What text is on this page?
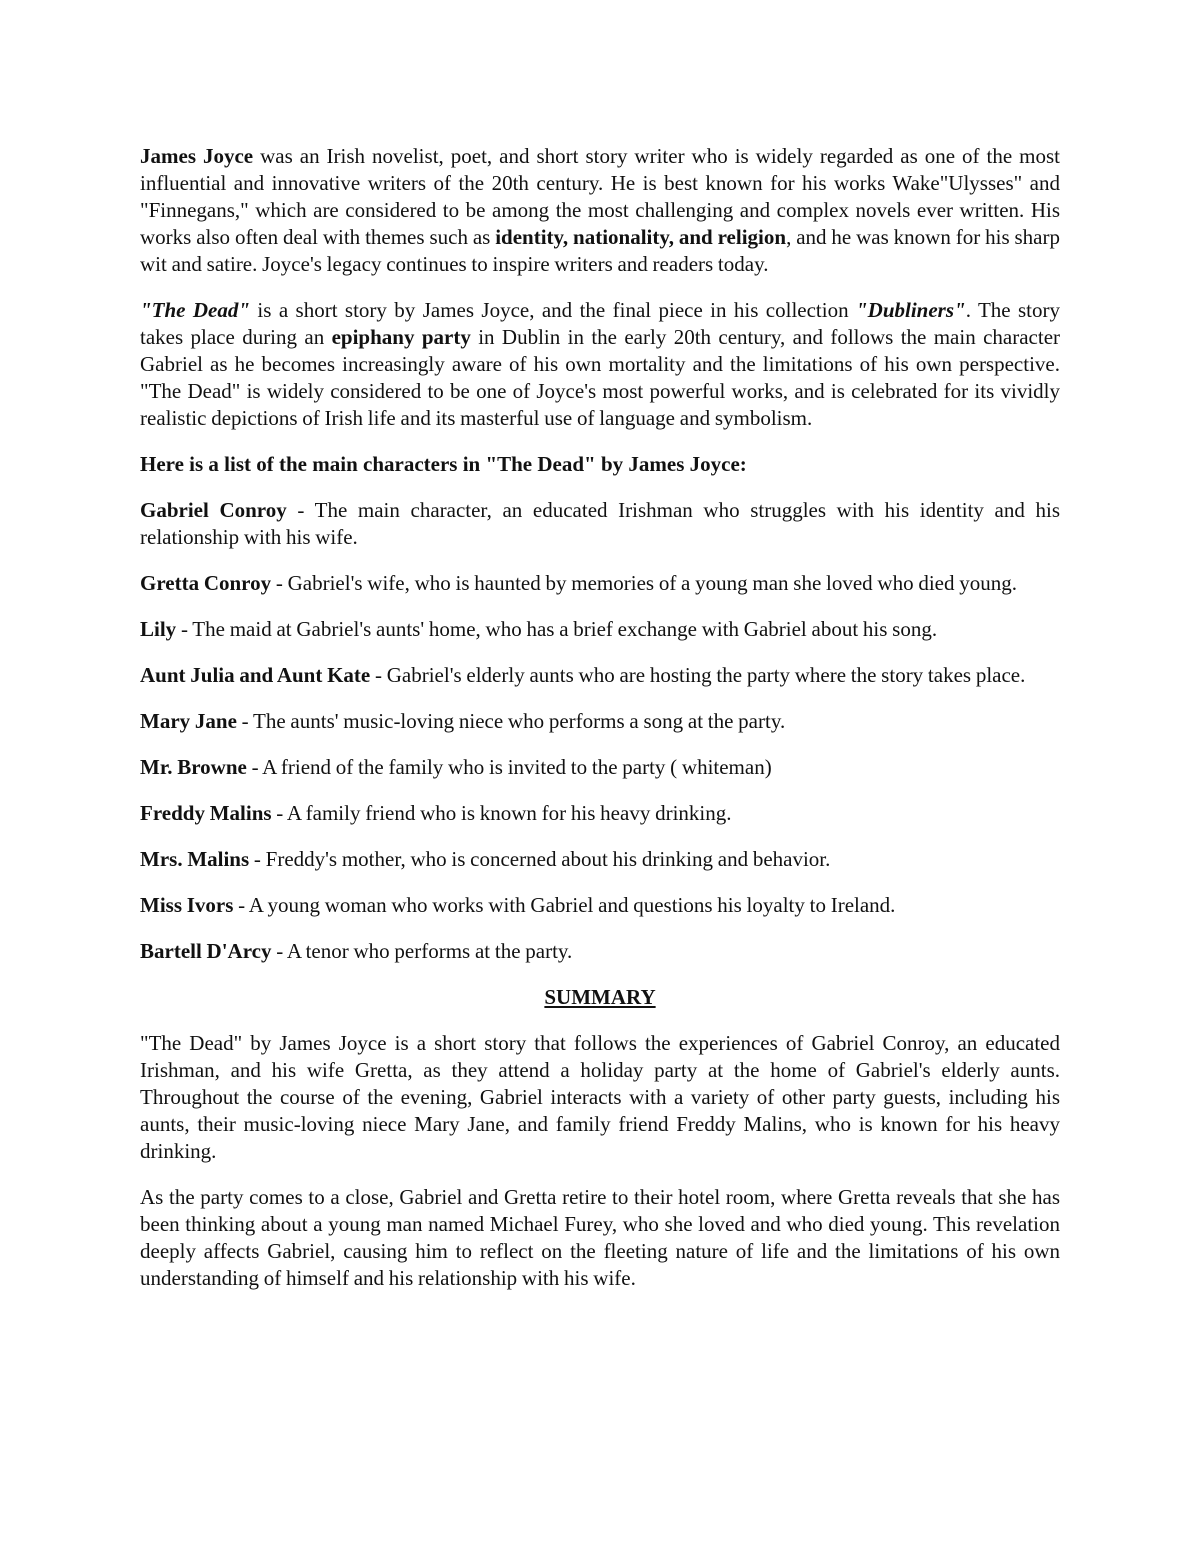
James Joyce was an Irish novelist, poet, and short story writer who is widely regarded as one of the most influential and innovative writers of the 20th century. He is best known for his works Wake"Ulysses" and "Finnegans," which are considered to be among the most challenging and complex novels ever written. His works also often deal with themes such as identity, nationality, and religion, and he was known for his sharp wit and satire. Joyce's legacy continues to inspire writers and readers today.

"The Dead" is a short story by James Joyce, and the final piece in his collection "Dubliners". The story takes place during an epiphany party in Dublin in the early 20th century, and follows the main character Gabriel as he becomes increasingly aware of his own mortality and the limitations of his own perspective. "The Dead" is widely considered to be one of Joyce's most powerful works, and is celebrated for its vividly realistic depictions of Irish life and its masterful use of language and symbolism.

Here is a list of the main characters in "The Dead" by James Joyce:

Gabriel Conroy - The main character, an educated Irishman who struggles with his identity and his relationship with his wife.

Gretta Conroy - Gabriel's wife, who is haunted by memories of a young man she loved who died young.

Lily - The maid at Gabriel's aunts' home, who has a brief exchange with Gabriel about his song.

Aunt Julia and Aunt Kate - Gabriel's elderly aunts who are hosting the party where the story takes place.

Mary Jane - The aunts' music-loving niece who performs a song at the party.

Mr. Browne - A friend of the family who is invited to the party ( whiteman)

Freddy Malins - A family friend who is known for his heavy drinking.

Mrs. Malins - Freddy's mother, who is concerned about his drinking and behavior.

Miss Ivors - A young woman who works with Gabriel and questions his loyalty to Ireland.

Bartell D'Arcy - A tenor who performs at the party.

SUMMARY

"The Dead" by James Joyce is a short story that follows the experiences of Gabriel Conroy, an educated Irishman, and his wife Gretta, as they attend a holiday party at the home of Gabriel's elderly aunts. Throughout the course of the evening, Gabriel interacts with a variety of other party guests, including his aunts, their music-loving niece Mary Jane, and family friend Freddy Malins, who is known for his heavy drinking.

As the party comes to a close, Gabriel and Gretta retire to their hotel room, where Gretta reveals that she has been thinking about a young man named Michael Furey, who she loved and who died young. This revelation deeply affects Gabriel, causing him to reflect on the fleeting nature of life and the limitations of his own understanding of himself and his relationship with his wife.
